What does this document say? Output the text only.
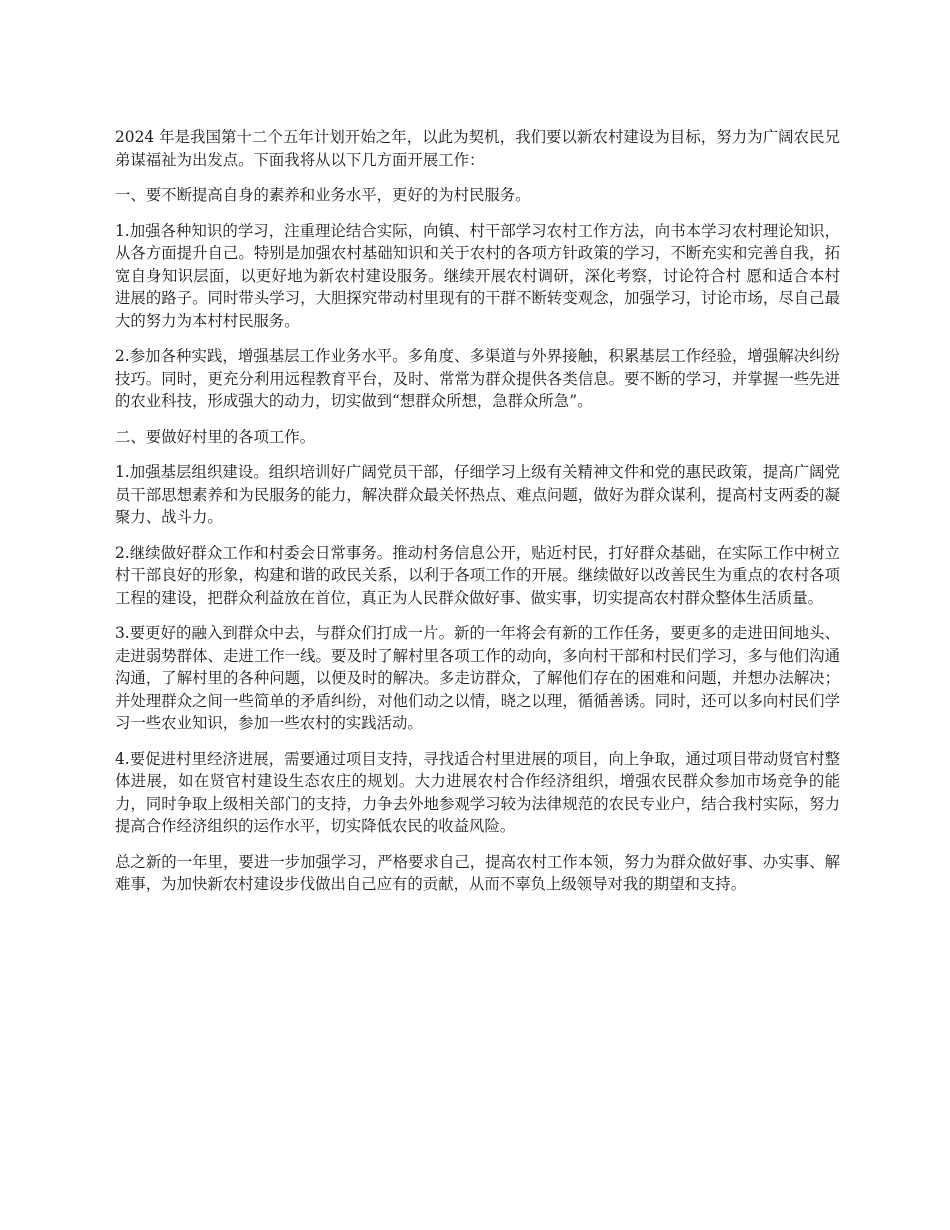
2024 年是我国第十二个五年计划开始之年，以此为契机，我们要以新农村建设为目标，努力为广阔农民兄弟谋福祉为出发点。下面我将从以下几方面开展工作：

一、要不断提高自身的素养和业务水平，更好的为村民服务。

1.加强各种知识的学习，注重理论结合实际，向镇、村干部学习农村工作方法，向书本学习农村理论知识，从各方面提升自己。特别是加强农村基础知识和关于农村的各项方针政策的学习，不断充实和完善自我，拓宽自身知识层面，以更好地为新农村建设服务。继续开展农村调研，深化考察，讨论符合村 愿和适合本村进展的路子。同时带头学习，大胆探究带动村里现有的干群不断转变观念，加强学习，讨论市场，尽自己最大的努力为本村村民服务。

2.参加各种实践，增强基层工作业务水平。多角度、多渠道与外界接触，积累基层工作经验，增强解决纠纷技巧。同时，更充分利用远程教育平台，及时、常常为群众提供各类信息。要不断的学习，并掌握一些先进的农业科技，形成强大的动力，切实做到“想群众所想，急群众所急”。

二、要做好村里的各项工作。

1.加强基层组织建设。组织培训好广阔党员干部，仔细学习上级有关精神文件和党的惠民政策，提高广阔党员干部思想素养和为民服务的能力，解决群众最关怀热点、难点问题，做好为群众谋利，提高村支两委的凝聚力、战斗力。

2.继续做好群众工作和村委会日常事务。推动村务信息公开，贴近村民，打好群众基础，在实际工作中树立村干部良好的形象，构建和谐的政民关系，以利于各项工作的开展。继续做好以改善民生为重点的农村各项工程的建设，把群众利益放在首位，真正为人民群众做好事、做实事，切实提高农村群众整体生活质量。

3.要更好的融入到群众中去，与群众们打成一片。新的一年将会有新的工作任务，要更多的走进田间地头、走进弱势群体、走进工作一线。要及时了解村里各项工作的动向，多向村干部和村民们学习，多与他们沟通沟通，了解村里的各种问题，以便及时的解决。多走访群众，了解他们存在的困难和问题，并想办法解决；并处理群众之间一些简单的矛盾纠纷，对他们动之以情，晓之以理，循循善诱。同时，还可以多向村民们学习一些农业知识，参加一些农村的实践活动。

4.要促进村里经济进展，需要通过项目支持，寻找适合村里进展的项目，向上争取，通过项目带动贤官村整体进展，如在贤官村建设生态农庄的规划。大力进展农村合作经济组织，增强农民群众参加市场竞争的能力，同时争取上级相关部门的支持，力争去外地参观学习较为法律规范的农民专业户，结合我村实际，努力提高合作经济组织的运作水平，切实降低农民的收益风险。

总之新的一年里，要进一步加强学习，严格要求自己，提高农村工作本领，努力为群众做好事、办实事、解难事，为加快新农村建设步伐做出自己应有的贡献，从而不辜负上级领导对我的期望和支持。
